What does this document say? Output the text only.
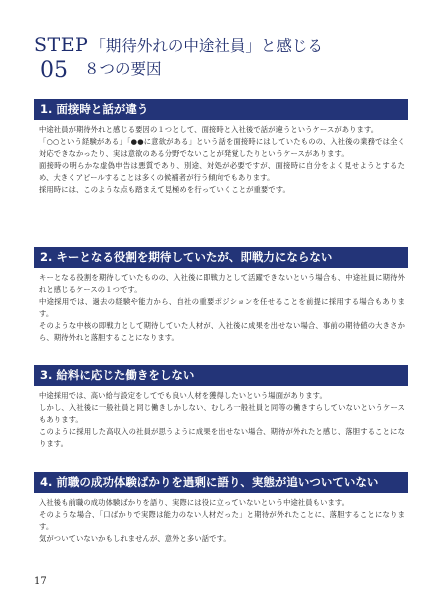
STEP 「期待外れの中途社員」と感じる
05 ８つの要因
1. 面接時と話が違う

中途社員が期待外れと感じる要因の１つとして、面接時と入社後で話が違うというケースがあります。

「○○という経験がある」「●●に意欲がある」という話を面接時にはしていたものの、入社後の業務では全く対応できなかったり、実は意欲のある分野でないことが発覚したりというケースがあります。

面接時の明らかな虚偽申告は悪質であり、別途、対処が必要ですが、面接時に自分をよく見せようとするため、大きくアピールすることは多くの候補者が行う傾向でもあります。

採用時には、このような点も踏まえて見極めを行っていくことが重要です。

2. キーとなる役割を期待していたが、即戦力にならない

キーとなる役割を期待していたものの、入社後に即戦力として活躍できないという場合も、中途社員に期待外れと感じるケースの１つです。

中途採用では、過去の経験や能力から、自社の重要ポジションを任せることを前提に採用する場合もあります。

そのような中核の即戦力として期待していた人材が、入社後に成果を出せない場合、事前の期待値の大きさから、期待外れと落胆することになります。

3. 給料に応じた働きをしない

中途採用では、高い給与設定をしてでも良い人材を獲得したいという場面があります。

しかし、入社後に一般社員と同じ働きしかしない、むしろ一般社員と同等の働きすらしていないというケースもあります。

このように採用した高収入の社員が思うように成果を出せない場合、期待が外れたと感じ、落胆することになります。

4. 前職の成功体験ばかりを過剰に語り、実態が追いついていない

入社後も前職の成功体験ばかりを語り、実際には役に立っていないという中途社員もいます。

そのような場合、「口ばかりで実際は能力のない人材だった」と期待が外れたことに、落胆することになります。

気がついていないかもしれませんが、意外と多い話です。

17
